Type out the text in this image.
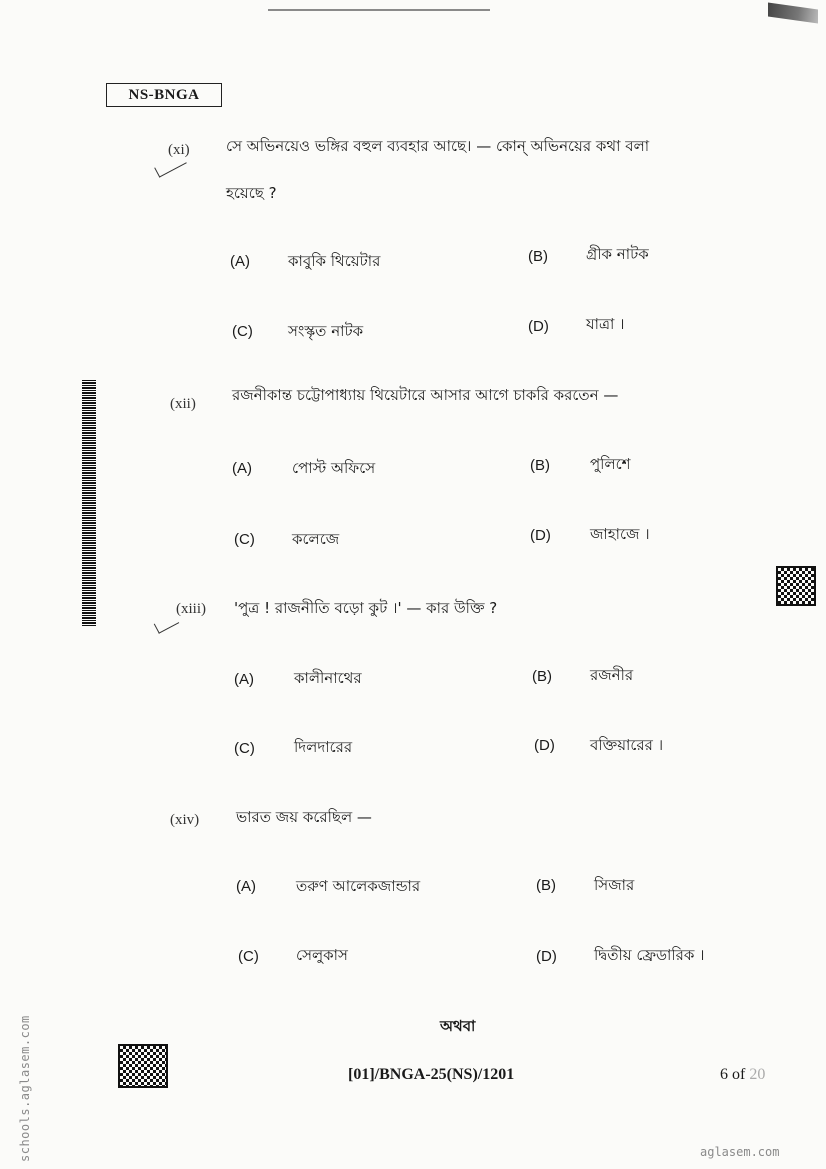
NS-BNGA
(xi) সে অভিনয়েও ভঙ্গির বহুল ব্যবহার আছে। — কোন্ অভিনয়ের কথা বলা
হয়েছে ?
(A)	কাবুকি থিয়েটার	(B)	গ্রীক নাটক
(C) সংস্কৃত নাটক	(D) যাত্রা ।
(xii) রজনীকান্ত চট্টোপাধ্যায় থিয়েটারে আসার আগে চাকরি করতেন —
(A)	পোস্ট অফিসে	(B)	পুলিশে
(C) কলেজে	(D)	জাহাজে ।
(xiii) 'পুত্র ! রাজনীতি বড়ো কুট ।' — কার উক্তি ?
(A)	কালীনাথের	(B)	রজনীর
(C)	দিলদারের	(D) বক্তিয়ারের ।
(xiv) ভারত জয় করেছিল —
(A)	তরুণ আলেকজান্ডার	(B)	সিজার
(C) সেলুকাস	(D) দ্বিতীয় ফ্রেডারিক ।
অথবা
[01]/BNGA-25(NS)/1201	6 of 20
schools.aglasem.com	aglasem.com
